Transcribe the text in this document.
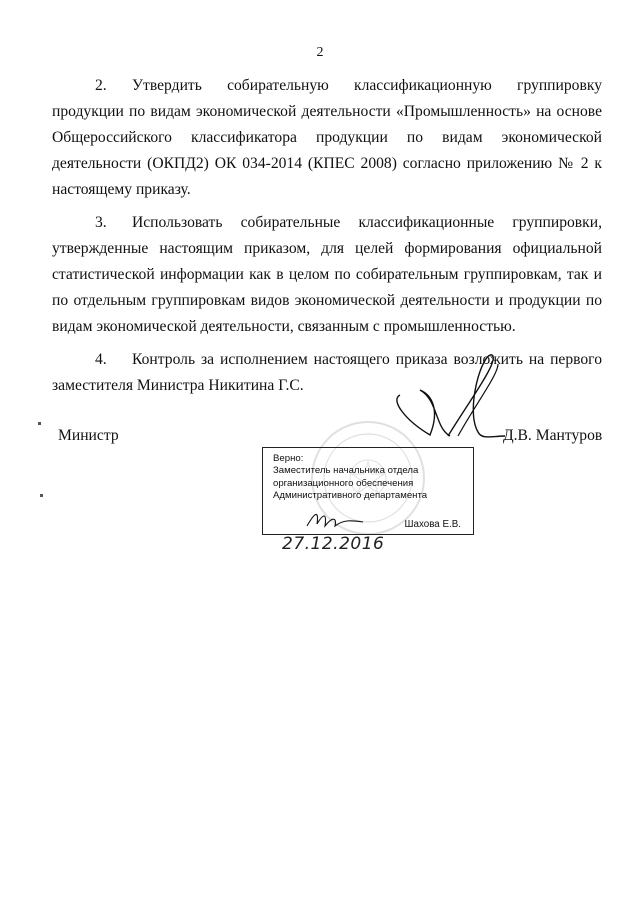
2

2. Утвердить собирательную классификационную группировку продукции по видам экономической деятельности «Промышленность» на основе Общероссийского классификатора продукции по видам экономической деятельности (ОКПД2) ОК 034-2014 (КПЕС 2008) согласно приложению № 2 к настоящему приказу.

3. Использовать собирательные классификационные группировки, утвержденные настоящим приказом, для целей формирования официальной статистической информации как в целом по собирательным группировкам, так и по отдельным группировкам видов экономической деятельности и продукции по видам экономической деятельности, связанным с промышленностью.

4. Контроль за исполнением настоящего приказа возложить на первого заместителя Министра Никитина Г.С.

Министр	Д.В. Мантуров
Верно:
Заместитель начальника отдела
организационного обеспечения
Административного департамента
Шахова Е.В.
27.12.2016
